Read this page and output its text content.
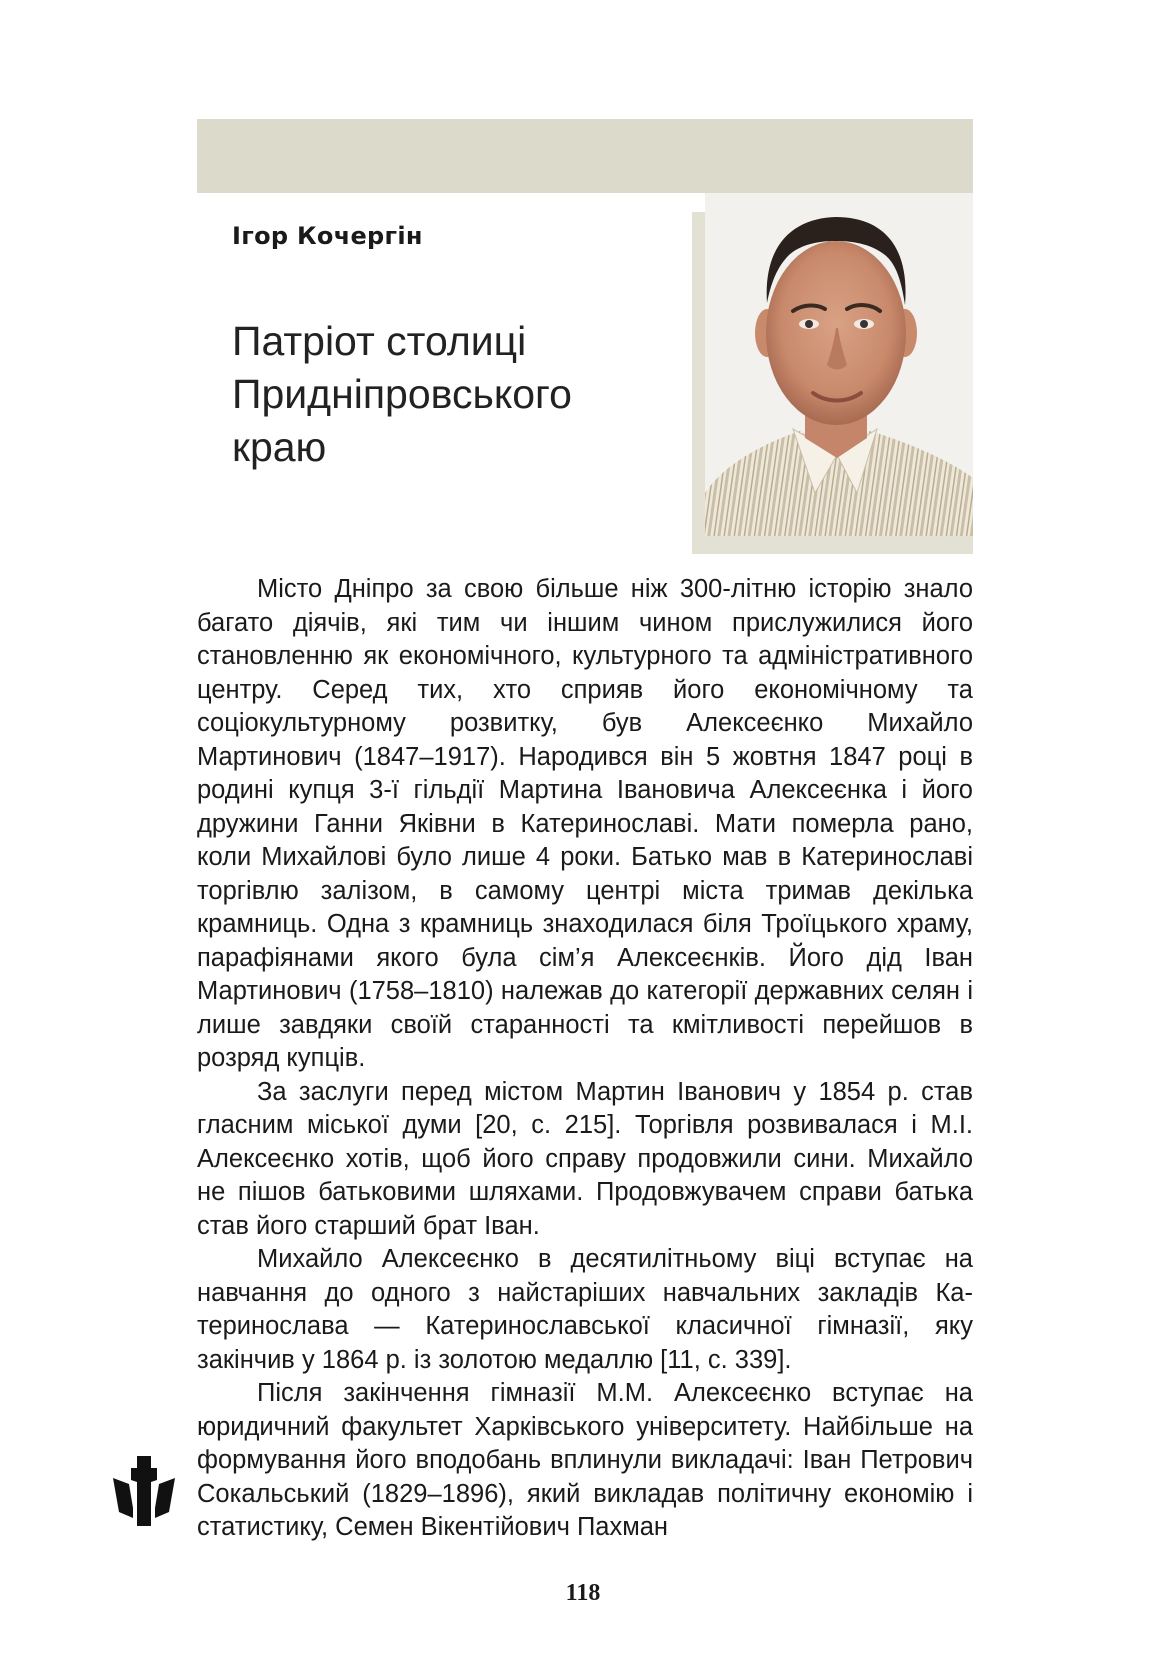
Ігор Кочергін
Патріот столиці
Придніпровського
краю

Місто Дніпро за свою більше ніж 300-літню історію знало багато діячів, які тим чи іншим чином прислужилися його становленню як економічного, культурного та адміністративного центру. Серед тих, хто сприяв його економічному та соціокультурному розвитку, був Алексеєнко Михайло Мартинович (1847–1917). Народився він 5 жовтня 1847 році в родині купця 3-ї гільдії Мартина Івановича Алексеєнка і його дружини Ганни Яківни в Катеринославі. Мати померла рано, коли Михайлові було лише 4 роки. Батько мав в Катеринославі торгівлю залізом, в самому центрі міста тримав декілька крамниць. Одна з крамниць знаходилася біля Троїцького храму, парафіянами якого була сім’я Алексеєнків. Його дід Іван Мартинович (1758–1810) належав до категорії державних селян і лише завдяки своїй старанності та кмітливості перейшов в розряд купців.

За заслуги перед містом Мартин Іванович у 1854 р. став гласним міської думи [20, с. 215]. Торгівля розвивалася і М.І. Алексеєнко хотів, щоб його справу продовжили сини. Михайло не пішов батьковими шляхами. Продовжувачем справи батька став його старший брат Іван.

Михайло Алексеєнко в десятилітньому віці вступає на навчання до одного з найстаріших навчальних закладів Катеринослава — Катеринославської класичної гімназії, яку закінчив у 1864 р. із золотою медаллю [11, с. 339].

Після закінчення гімназії М.М. Алексеєнко вступає на юридичний факультет Харківського університету. Найбільше на формування його вподобань вплинули викладачі: Іван Петрович Сокальський (1829–1896), який викладав політичну економію і статистику, Семен Вікентійович Пахман

118
